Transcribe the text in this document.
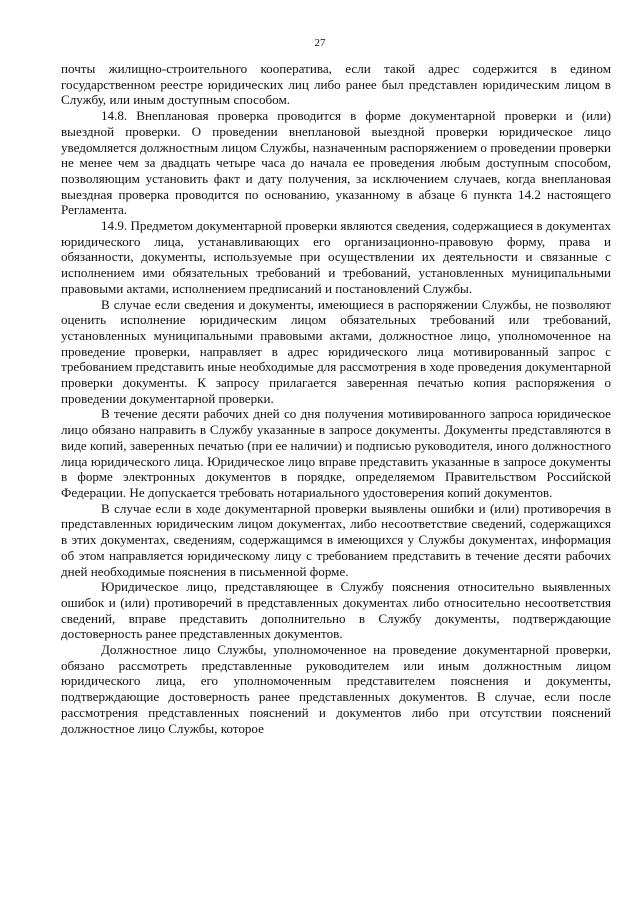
27

почты жилищно-строительного кооператива, если такой адрес содержится в едином государственном реестре юридических лиц либо ранее был представлен юридическим лицом в Службу, или иным доступным способом.

14.8. Внеплановая проверка проводится в форме документарной проверки и (или) выездной проверки. О проведении внеплановой выездной проверки юридическое лицо уведомляется должностным лицом Службы, назначенным распоряжением о проведении проверки не менее чем за двадцать четыре часа до начала ее проведения любым доступным способом, позволяющим установить факт и дату получения, за исключением случаев, когда внеплановая выездная проверка проводится по основанию, указанному в абзаце 6 пункта 14.2 настоящего Регламента.

14.9. Предметом документарной проверки являются сведения, содержащиеся в документах юридического лица, устанавливающих его организационно-правовую форму, права и обязанности, документы, используемые при осуществлении их деятельности и связанные с исполнением ими обязательных требований и требований, установленных муниципальными правовыми актами, исполнением предписаний и постановлений Службы.

В случае если сведения и документы, имеющиеся в распоряжении Службы, не позволяют оценить исполнение юридическим лицом обязательных требований или требований, установленных муниципальными правовыми актами, должностное лицо, уполномоченное на проведение проверки, направляет в адрес юридического лица мотивированный запрос с требованием представить иные необходимые для рассмотрения в ходе проведения документарной проверки документы. К запросу прилагается заверенная печатью копия распоряжения о проведении документарной проверки.

В течение десяти рабочих дней со дня получения мотивированного запроса юридическое лицо обязано направить в Службу указанные в запросе документы. Документы представляются в виде копий, заверенных печатью (при ее наличии) и подписью руководителя, иного должностного лица юридического лица. Юридическое лицо вправе представить указанные в запросе документы в форме электронных документов в порядке, определяемом Правительством Российской Федерации. Не допускается требовать нотариального удостоверения копий документов.

В случае если в ходе документарной проверки выявлены ошибки и (или) противоречия в представленных юридическим лицом документах, либо несоответствие сведений, содержащихся в этих документах, сведениям, содержащимся в имеющихся у Службы документах, информация об этом направляется юридическому лицу с требованием представить в течение десяти рабочих дней необходимые пояснения в письменной форме.

Юридическое лицо, представляющее в Службу пояснения относительно выявленных ошибок и (или) противоречий в представленных документах либо относительно несоответствия сведений, вправе представить дополнительно в Службу документы, подтверждающие достоверность ранее представленных документов.

Должностное лицо Службы, уполномоченное на проведение документарной проверки, обязано рассмотреть представленные руководителем или иным должностным лицом юридического лица, его уполномоченным представителем пояснения и документы, подтверждающие достоверность ранее представленных документов. В случае, если после рассмотрения представленных пояснений и документов либо при отсутствии пояснений должностное лицо Службы, которое
